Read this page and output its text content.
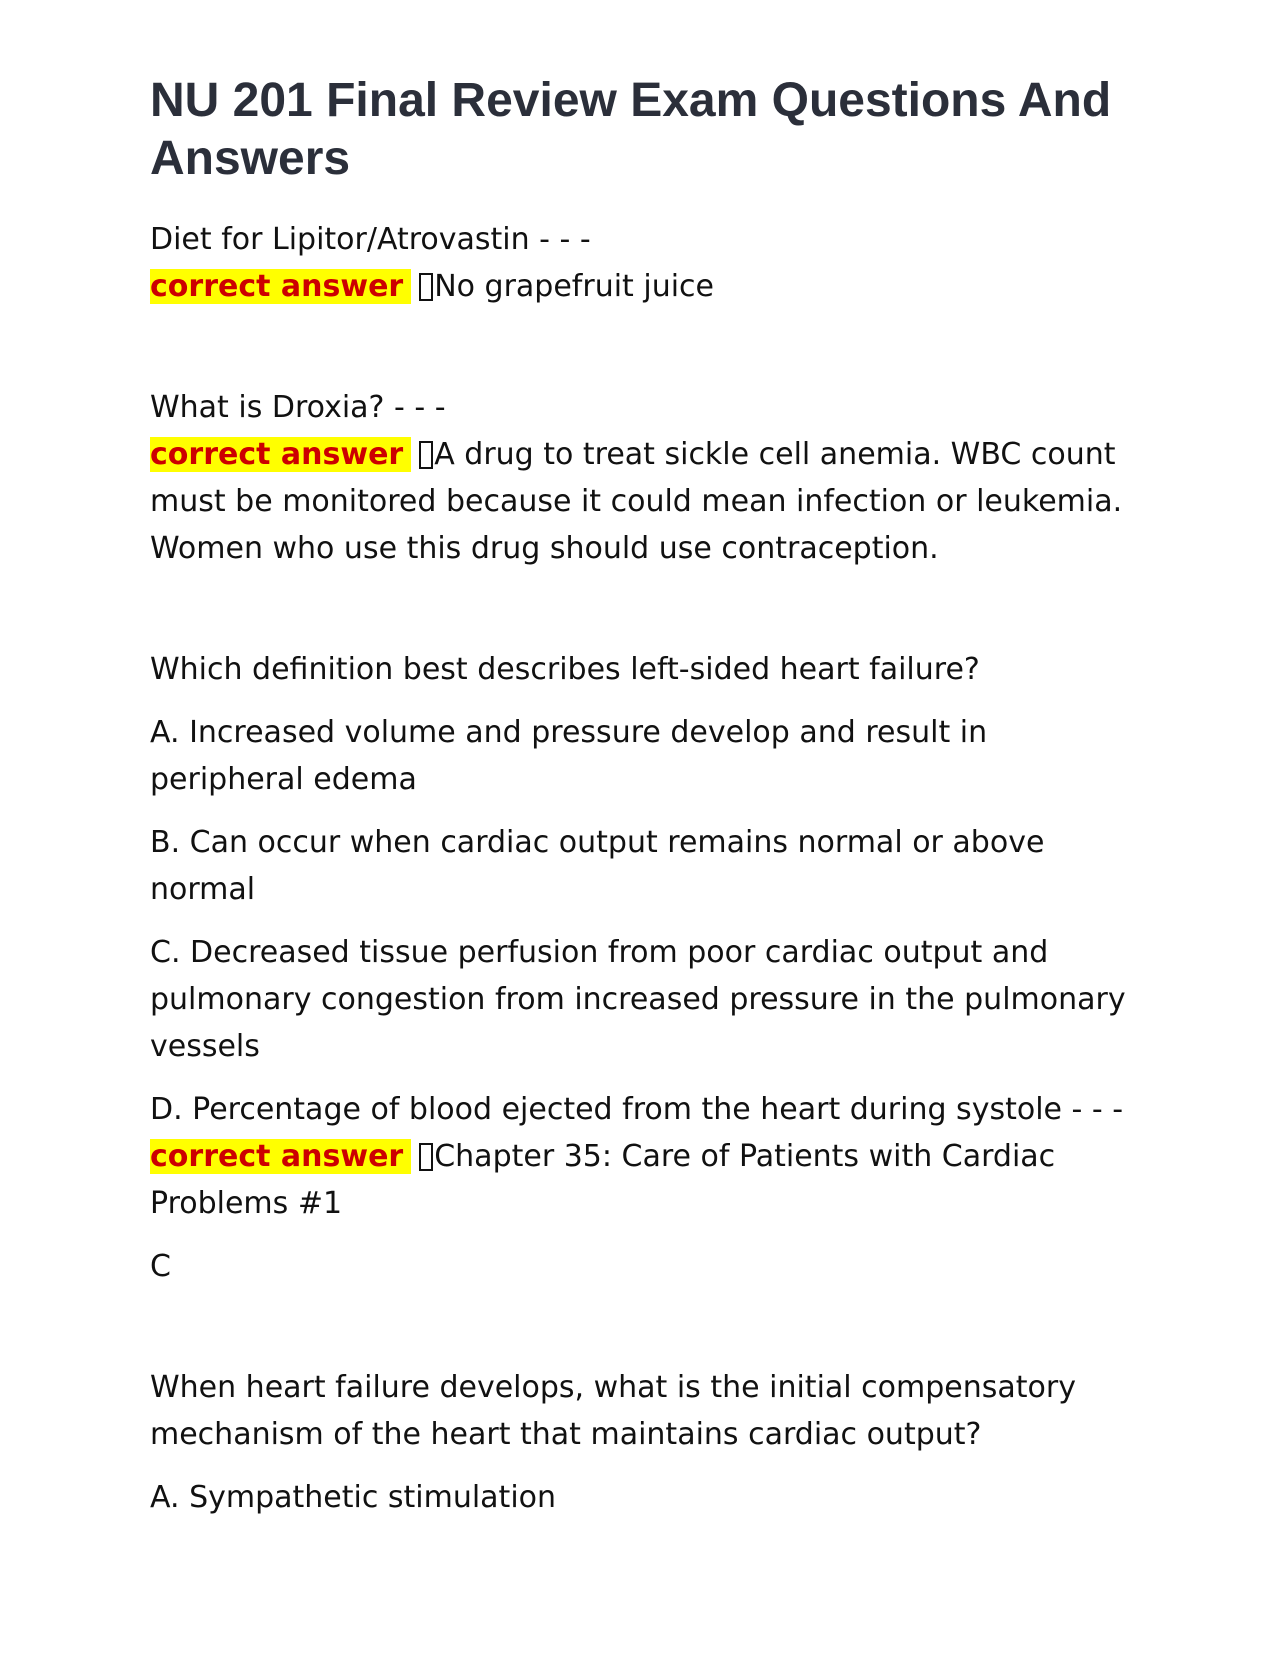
NU 201 Final Review Exam Questions And Answers

Diet for Lipitor/Atrovastin - - -

correct answer No grapefruit juice

What is Droxia? - - -

correct answer A drug to treat sickle cell anemia. WBC count must be monitored because it could mean infection or leukemia. Women who use this drug should use contraception.

Which definition best describes left-sided heart failure?

A. Increased volume and pressure develop and result in peripheral edema

B. Can occur when cardiac output remains normal or above normal

C. Decreased tissue perfusion from poor cardiac output and pulmonary congestion from increased pressure in the pulmonary vessels

D. Percentage of blood ejected from the heart during systole - - -
correct answer Chapter 35: Care of Patients with Cardiac Problems #1

C

When heart failure develops, what is the initial compensatory mechanism of the heart that maintains cardiac output?

A. Sympathetic stimulation
